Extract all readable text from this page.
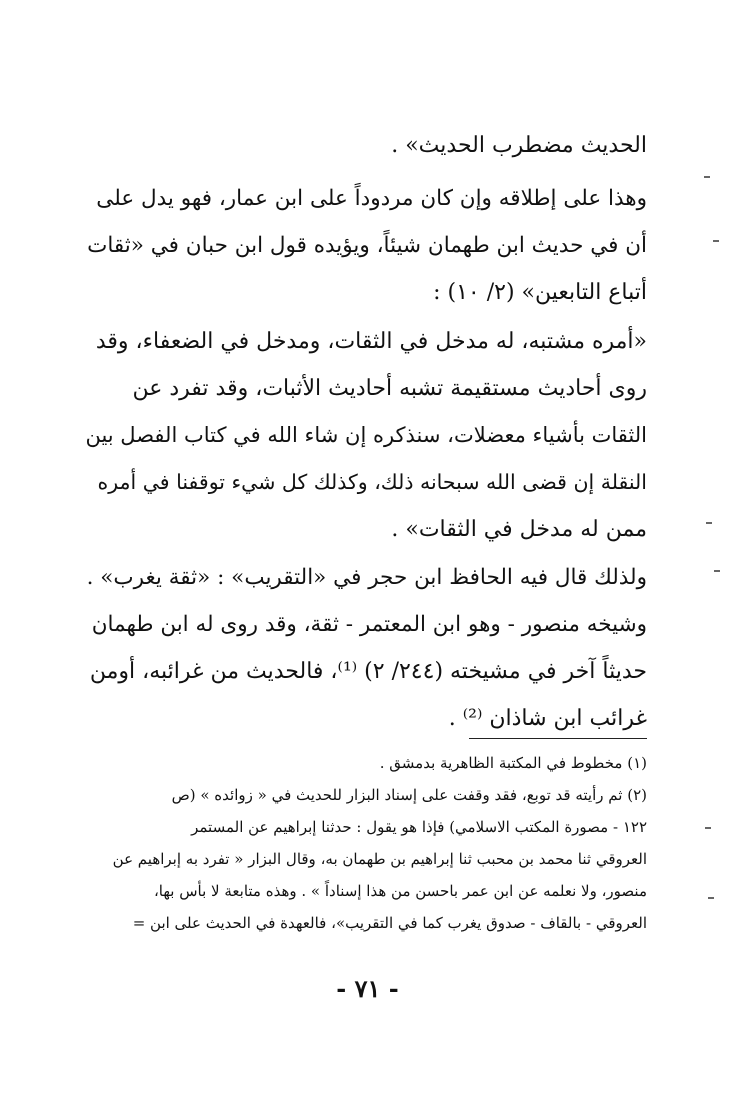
الحديث مضطرب الحديث» .
وهذا على إطلاقه وإن كان مردوداً على ابن عمار، فهو يدل على
أن في حديث ابن طهمان شيئاً، ويؤيده قول ابن حبان في «ثقات
أتباع التابعين» (٢/ ١٠) :
«أمره مشتبه، له مدخل في الثقات، ومدخل في الضعفاء، وقد
روى أحاديث مستقيمة تشبه أحاديث الأثبات، وقد تفرد عن
الثقات بأشياء معضلات، سنذكره إن شاء الله في كتاب الفصل بين
النقلة إن قضى الله سبحانه ذلك، وكذلك كل شيء توقفنا في أمره
ممن له مدخل في الثقات» .
ولذلك قال فيه الحافظ ابن حجر في «التقريب» : «ثقة يغرب» .
وشيخه منصور - وهو ابن المعتمر - ثقة، وقد روى له ابن طهمان
حديثاً آخر في مشيخته (٢٤٤/ ٢) ⁽¹⁾، فالحديث من غرائبه، أومن
غرائب ابن شاذان ⁽²⁾ .
(١) مخطوط في المكتبة الظاهرية بدمشق .
(٢) ثم رأيته قد توبع، فقد وقفت على إسناد البزار للحديث في « زوائده » (ص
١٢٢ - مصورة المكتب الاسلامي) فإذا هو يقول : حدثنا إبراهيم عن المستمر
العروقي ثنا محمد بن محبب ثنا إبراهيم بن طهمان به، وقال البزار « تفرد به إبراهيم عن
منصور، ولا نعلمه عن ابن عمر باحسن من هذا إسناداً » . وهذه متابعة لا بأس بها،
العروقي - بالقاف - صدوق يغرب كما في التقريب»، فالعهدة في الحديث على ابن =
- ٧١ -
